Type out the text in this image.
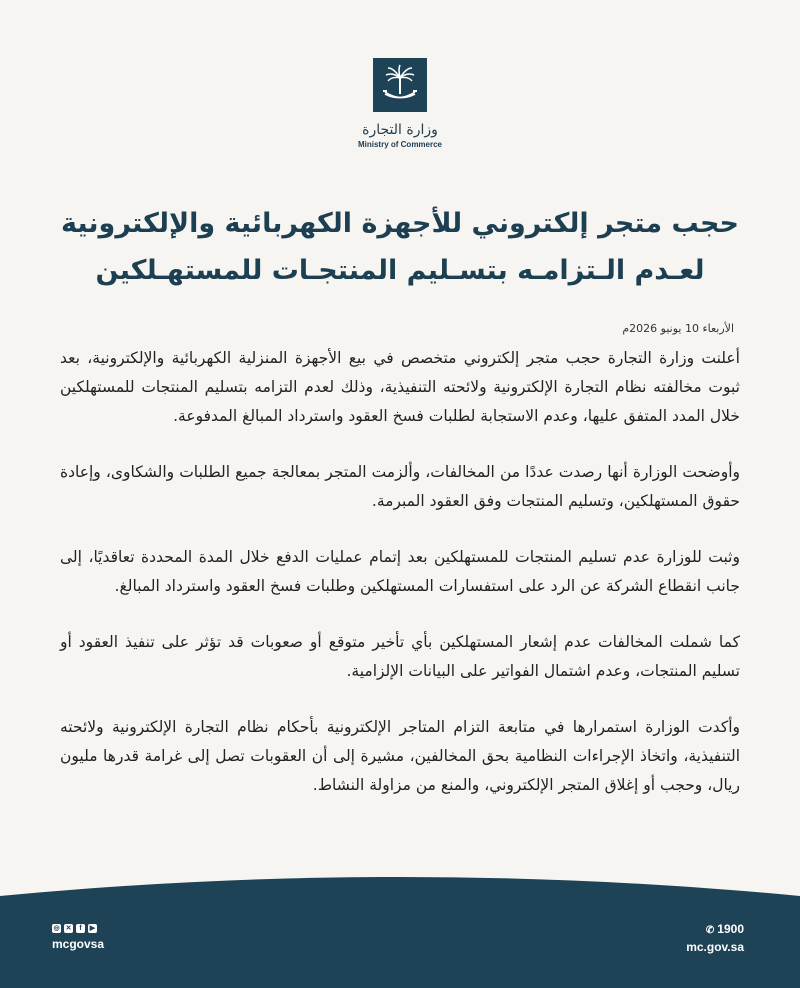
وزارة التجارة
Ministry of Commerce
حجب متجر إلكتروني للأجهزة الكهربائية والإلكترونية
لعـدم الـتزامـه بتسـليم المنتجـات للمستهـلكين
الأربعاء 10 يونيو 2026م

أعلنت وزارة التجارة حجب متجر إلكتروني متخصص في بيع الأجهزة المنزلية الكهربائية والإلكترونية، بعد ثبوت مخالفته نظام التجارة الإلكترونية ولائحته التنفيذية، وذلك لعدم التزامه بتسليم المنتجات للمستهلكين خلال المدد المتفق عليها، وعدم الاستجابة لطلبات فسخ العقود واسترداد المبالغ المدفوعة.

وأوضحت الوزارة أنها رصدت عددًا من المخالفات، وألزمت المتجر بمعالجة جميع الطلبات والشكاوى، وإعادة حقوق المستهلكين، وتسليم المنتجات وفق العقود المبرمة.

وثبت للوزارة عدم تسليم المنتجات للمستهلكين بعد إتمام عمليات الدفع خلال المدة المحددة تعاقديًا، إلى جانب انقطاع الشركة عن الرد على استفسارات المستهلكين وطلبات فسخ العقود واسترداد المبالغ.

كما شملت المخالفات عدم إشعار المستهلكين بأي تأخير متوقع أو صعوبات قد تؤثر على تنفيذ العقود أو تسليم المنتجات، وعدم اشتمال الفواتير على البيانات الإلزامية.

وأكدت الوزارة استمرارها في متابعة التزام المتاجر الإلكترونية بأحكام نظام التجارة الإلكترونية ولائحته التنفيذية، واتخاذ الإجراءات النظامية بحق المخالفين، مشيرة إلى أن العقوبات تصل إلى غرامة قدرها مليون ريال، وحجب أو إغلاق المتجر الإلكتروني، والمنع من مزاولة النشاط.

◎ ✕	f	▶
mcgovsa
✆ 1900
mc.gov.sa
